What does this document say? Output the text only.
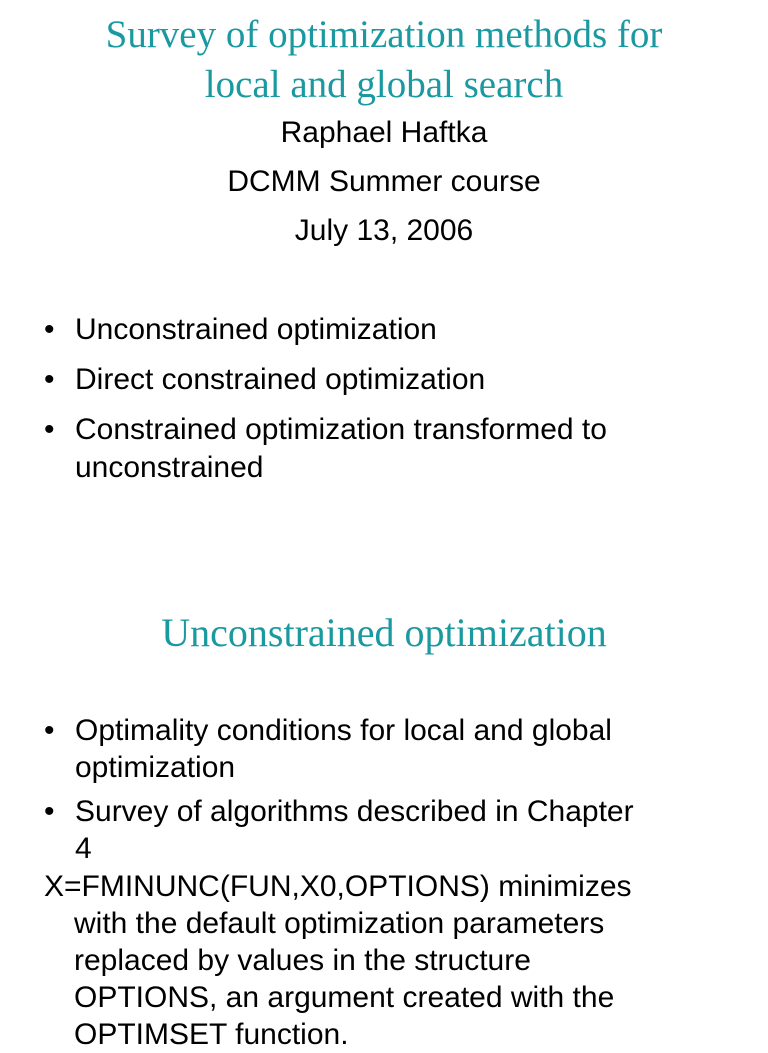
Survey of optimization methods for
local and global search
Raphael Haftka
DCMM Summer course
July 13, 2006
• Unconstrained optimization
• Direct constrained optimization
• Constrained optimization transformed to
unconstrained
Unconstrained optimization
• Optimality conditions for local and global
optimization
• Survey of algorithms described in Chapter
4

X=FMINUNC(FUN,X0,OPTIONS) minimizes
with the default optimization parameters
replaced by values in the structure
OPTIONS, an argument created with the
OPTIMSET function.
